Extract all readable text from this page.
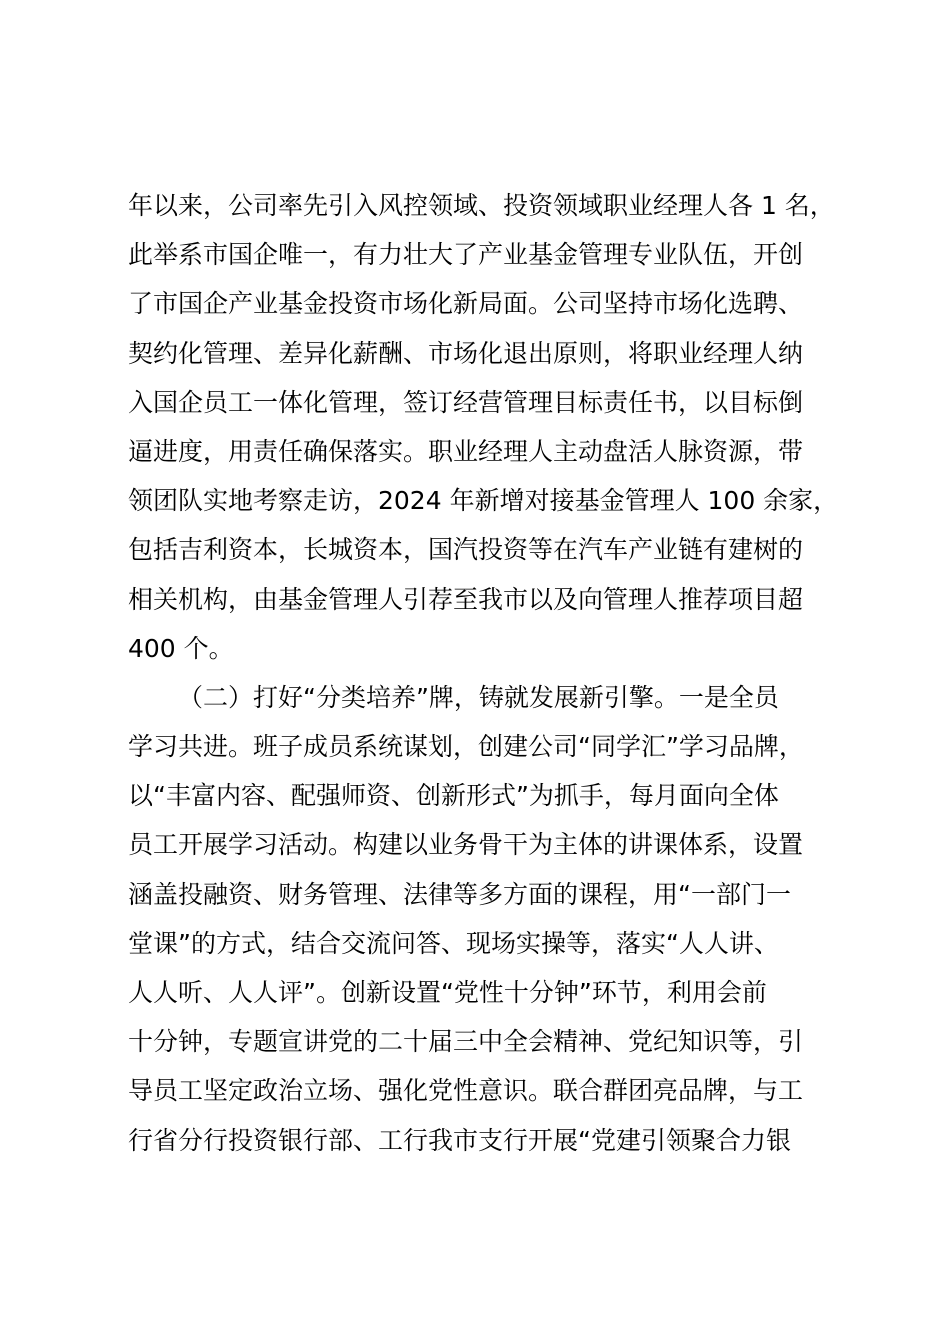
年以来，公司率先引入风控领域、投资领域职业经理人各 1 名，
此举系市国企唯一，有力壮大了产业基金管理专业队伍，开创
了市国企产业基金投资市场化新局面。公司坚持市场化选聘、
契约化管理、差异化薪酬、市场化退出原则，将职业经理人纳
入国企员工一体化管理，签订经营管理目标责任书，以目标倒
逼进度，用责任确保落实。职业经理人主动盘活人脉资源，带
领团队实地考察走访，2024 年新增对接基金管理人 100 余家，
包括吉利资本，长城资本，国汽投资等在汽车产业链有建树的
相关机构，由基金管理人引荐至我市以及向管理人推荐项目超
400 个。
（二）打好“分类培养”牌，铸就发展新引擎。一是全员
学习共进。班子成员系统谋划，创建公司“同学汇”学习品牌，
以“丰富内容、配强师资、创新形式”为抓手，每月面向全体
员工开展学习活动。构建以业务骨干为主体的讲课体系，设置
涵盖投融资、财务管理、法律等多方面的课程，用“一部门一
堂课”的方式，结合交流问答、现场实操等，落实“人人讲、
人人听、人人评”。创新设置“党性十分钟”环节，利用会前
十分钟，专题宣讲党的二十届三中全会精神、党纪知识等，引
导员工坚定政治立场、强化党性意识。联合群团亮品牌，与工
行省分行投资银行部、工行我市支行开展“党建引领聚合力银
